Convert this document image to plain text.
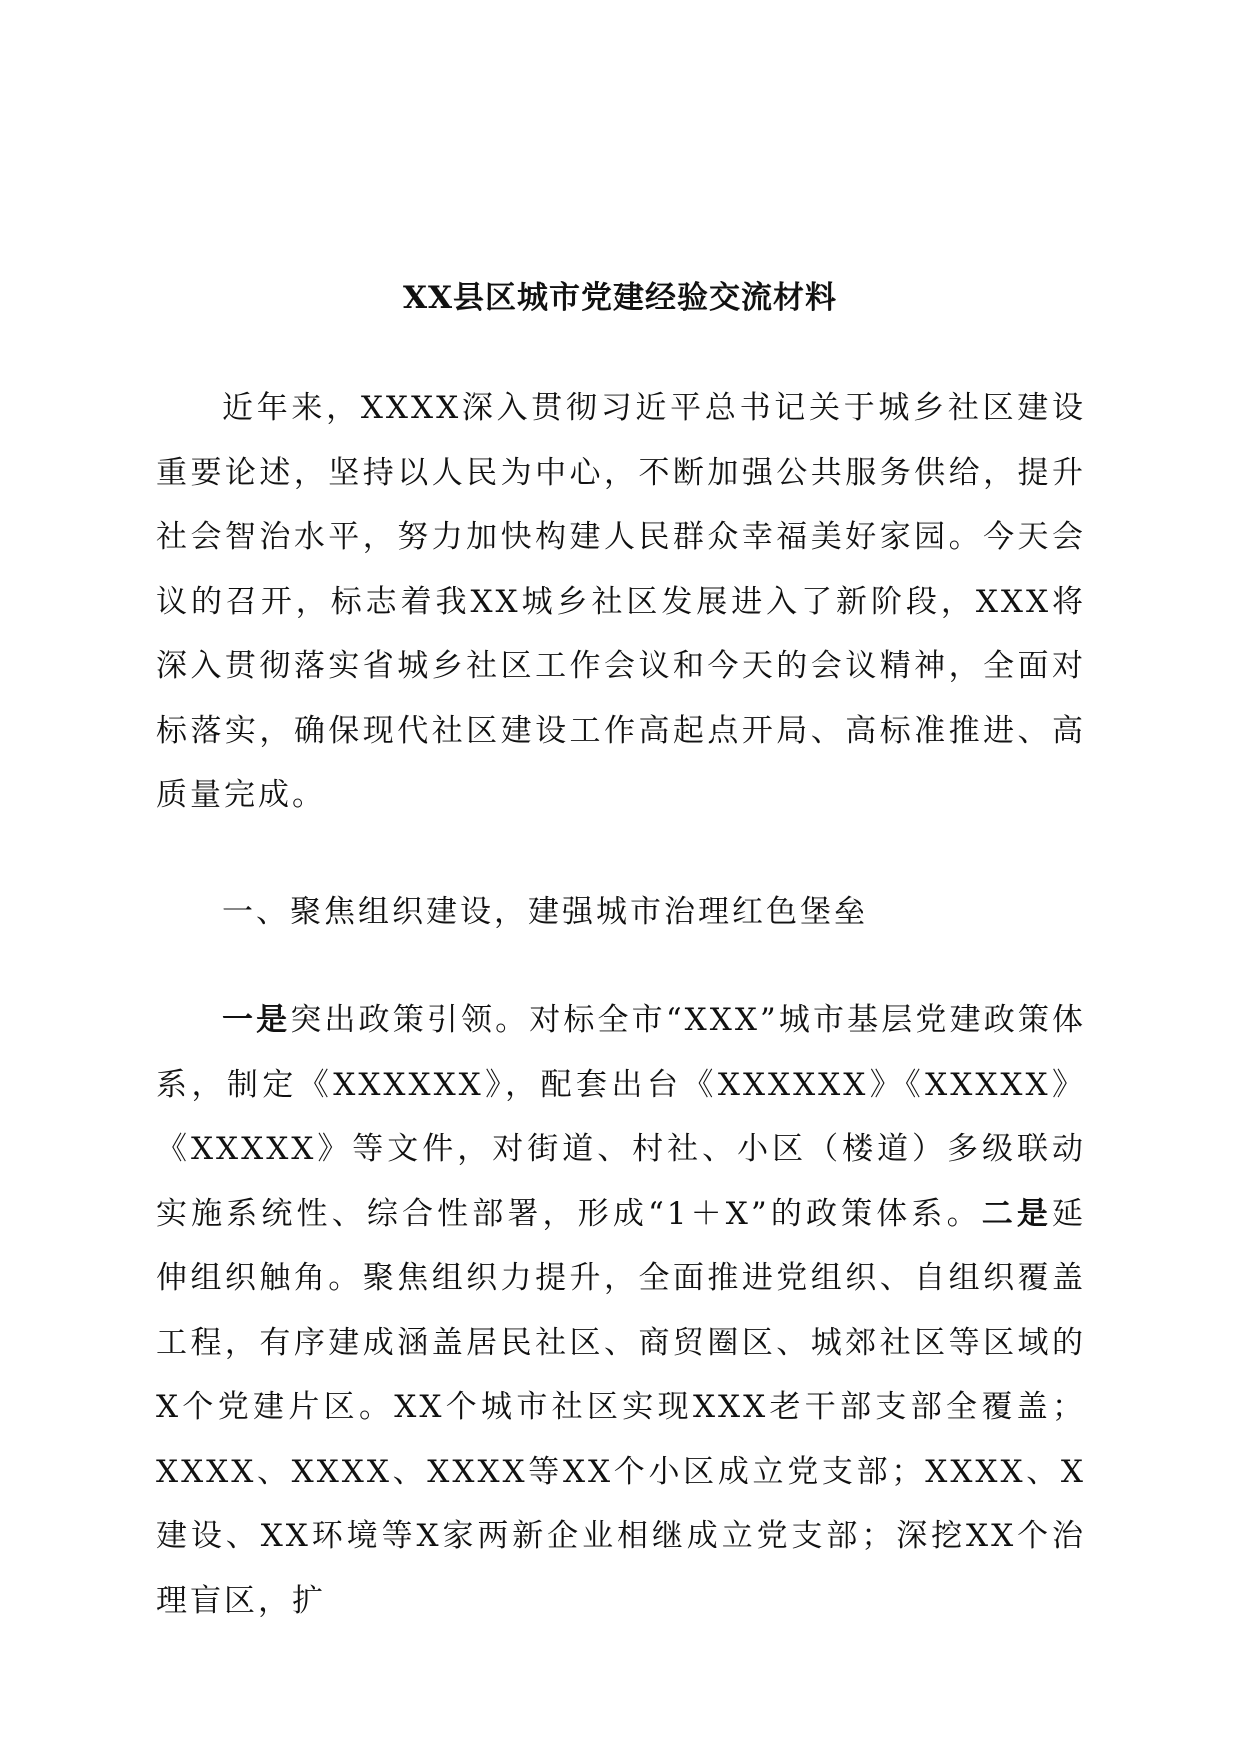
XX县区城市党建经验交流材料

近年来，XXXX深入贯彻习近平总书记关于城乡社区建设重要论述，坚持以人民为中心，不断加强公共服务供给，提升社会智治水平，努力加快构建人民群众幸福美好家园。今天会议的召开，标志着我XX城乡社区发展进入了新阶段，XXX将深入贯彻落实省城乡社区工作会议和今天的会议精神，全面对标落实，确保现代社区建设工作高起点开局、高标准推进、高质量完成。

一、聚焦组织建设，建强城市治理红色堡垒

一是突出政策引领。对标全市“XXX”城市基层党建政策体系，制定《XXXXXX》，配套出台《XXXXXX》《XXXXX》《XXXXX》等文件，对街道、村社、小区（楼道）多级联动实施系统性、综合性部署，形成“1＋X”的政策体系。二是延伸组织触角。聚焦组织力提升，全面推进党组织、自组织覆盖工程，有序建成涵盖居民社区、商贸圈区、城郊社区等区域的X个党建片区。XX个城市社区实现XXX老干部支部全覆盖；XXXX、XXXX、XXXX等XX个小区成立党支部；XXXX、X建设、XX环境等X家两新企业相继成立党支部；深挖XX个治理盲区，扩
